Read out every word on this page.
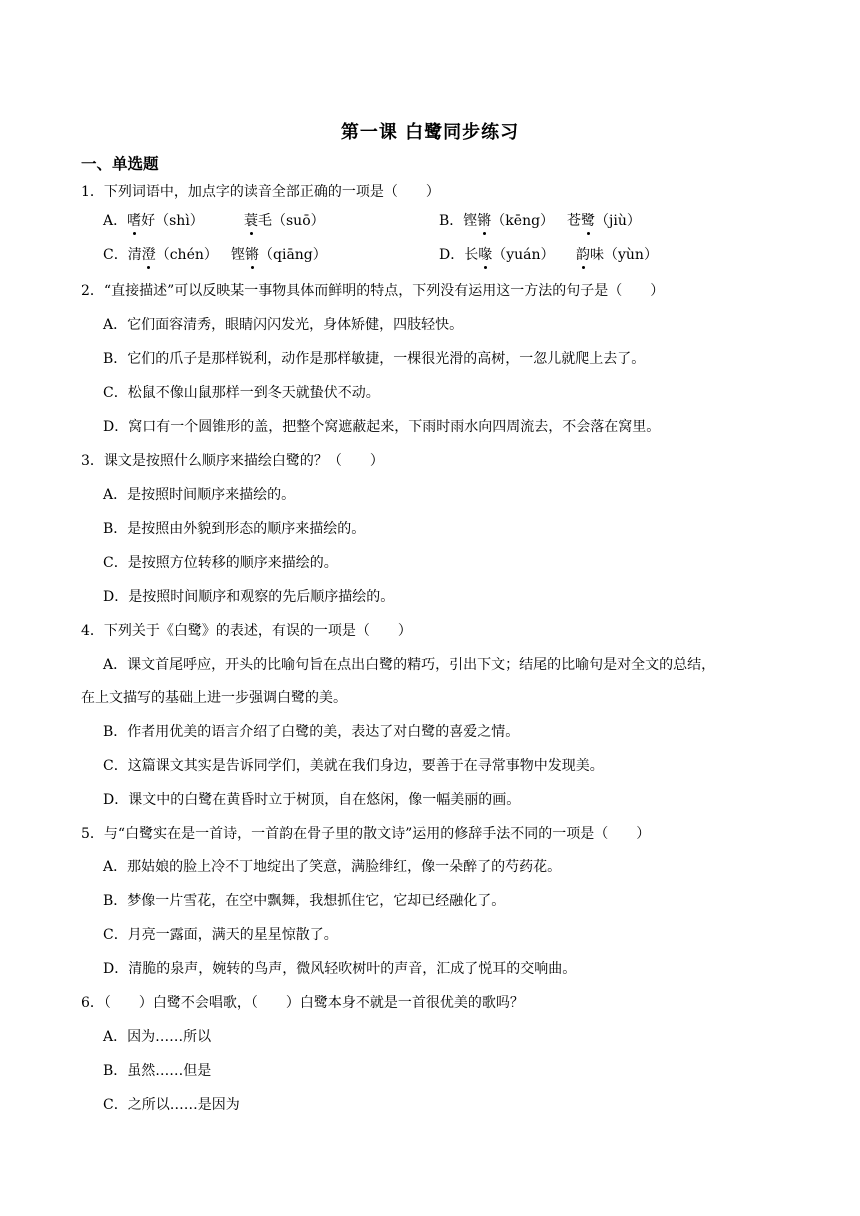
第一课 白鹭同步练习
一、单选题
1．下列词语中，加点字的读音全部正确的一项是（　　）
A．嗜好（shì）	蓑毛（suō）	B．铿锵（kēng） 苍鹭（jiù）
C．清澄（chén） 铿锵（qiāng）	D．长喙（yuán） 韵味（yùn）
2．“直接描述”可以反映某一事物具体而鲜明的特点，下列没有运用这一方法的句子是（　　）
A．它们面容清秀，眼睛闪闪发光，身体矫健，四肢轻快。
B．它们的爪子是那样锐利，动作是那样敏捷，一棵很光滑的高树，一忽儿就爬上去了。
C．松鼠不像山鼠那样一到冬天就蛰伏不动。
D．窝口有一个圆锥形的盖，把整个窝遮蔽起来，下雨时雨水向四周流去，不会落在窝里。
3．课文是按照什么顺序来描绘白鹭的？（　　）
A．是按照时间顺序来描绘的。
B．是按照由外貌到形态的顺序来描绘的。
C．是按照方位转移的顺序来描绘的。
D．是按照时间顺序和观察的先后顺序描绘的。
4．下列关于《白鹭》的表述，有误的一项是（　　）
A．课文首尾呼应，开头的比喻句旨在点出白鹭的精巧，引出下文；结尾的比喻句是对全文的总结，
在上文描写的基础上进一步强调白鹭的美。
B．作者用优美的语言介绍了白鹭的美，表达了对白鹭的喜爱之情。
C．这篇课文其实是告诉同学们，美就在我们身边，要善于在寻常事物中发现美。
D．课文中的白鹭在黄昏时立于树顶，自在悠闲，像一幅美丽的画。
5．与“白鹭实在是一首诗，一首韵在骨子里的散文诗”运用的修辞手法不同的一项是（　　）
A．那姑娘的脸上冷不丁地绽出了笑意，满脸绯红，像一朵醉了的芍药花。
B．梦像一片雪花，在空中飘舞，我想抓住它，它却已经融化了。
C．月亮一露面，满天的星星惊散了。
D．清脆的泉声，婉转的鸟声，微风轻吹树叶的声音，汇成了悦耳的交响曲。
6．（　　）白鹭不会唱歌，（　　）白鹭本身不就是一首很优美的歌吗？
A．因为……所以
B．虽然……但是
C．之所以……是因为
